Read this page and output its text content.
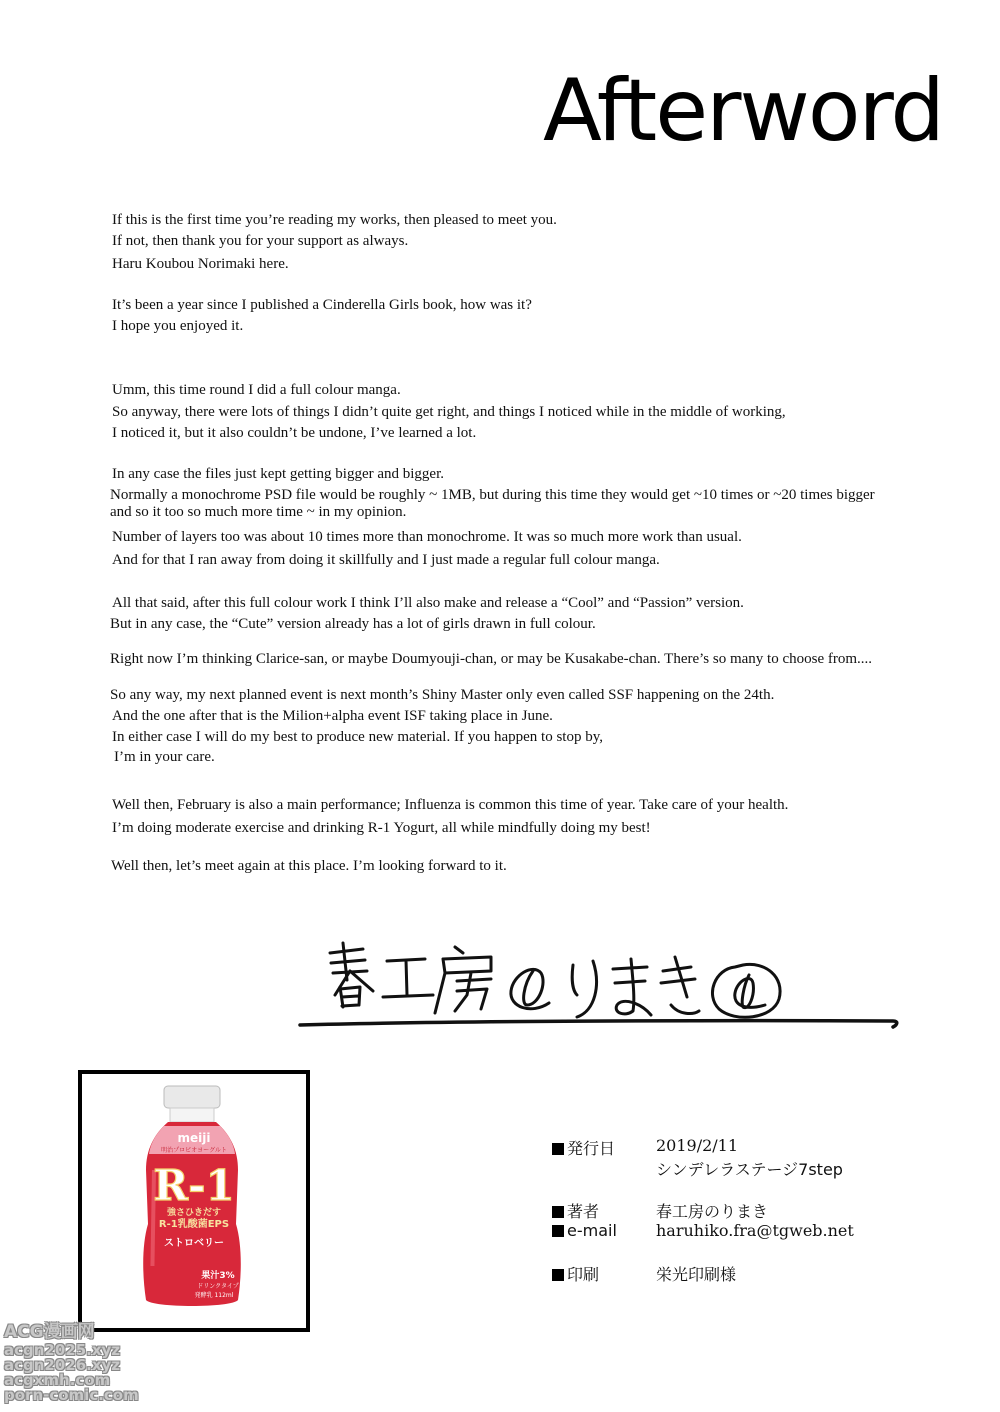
Afterword
If this is the first time you’re reading my works, then pleased to meet you.
If not, then thank you for your support as always.
Haru Koubou Norimaki here.
It’s been a year since I published a Cinderella Girls book, how was it?
I hope you enjoyed it.
Umm, this time round I did a full colour manga.
So anyway, there were lots of things I didn’t quite get right, and things I noticed while in the middle of working,
I noticed it, but it also couldn’t be undone, I’ve learned a lot.
In any case the files just kept getting bigger and bigger.
Normally a monochrome PSD file would be roughly ~ 1MB, but during this time they would get ~10 times or ~20 times bigger
and so it too so much more time ~ in my opinion.
Number of layers too was about 10 times more than monochrome. It was so much more work than usual.
And for that I ran away from doing it skillfully and I just made a regular full colour manga.
All that said, after this full colour work I think I’ll also make and release a “Cool” and “Passion” version.
But in any case, the “Cute” version already has a lot of girls drawn in full colour.
Right now I’m thinking Clarice-san, or maybe Doumyouji-chan, or may be Kusakabe-chan. There’s so many to choose from....
So any way, my next planned event is next month’s Shiny Master only even called SSF happening on the 24th.
And the one after that is the Milion+alpha event ISF taking place in June.
In either case I will do my best to produce new material. If you happen to stop by,
I’m in your care.
Well then, February is also a main performance; Influenza is common this time of year. Take care of your health.
I’m doing moderate exercise and drinking R-1 Yogurt, all while mindfully doing my best!
Well then, let’s meet again at this place. I’m looking forward to it.
meiji
明治プロビオヨーグルト
R-1
強さひきだす
R-1乳酸菌EPS
ストロベリー
果汁3%
ドリンクタイプ
発酵乳 112ml
発行日	2019/2/11
シンデレラステージ7step
著者	春工房のりまき
e-mail haruhiko.fra@tgweb.net
印刷	栄光印刷様
ACG漫画网
acgn2025.xyz
acgn2026.xyz
acgxmh.com
porn-comic.com
